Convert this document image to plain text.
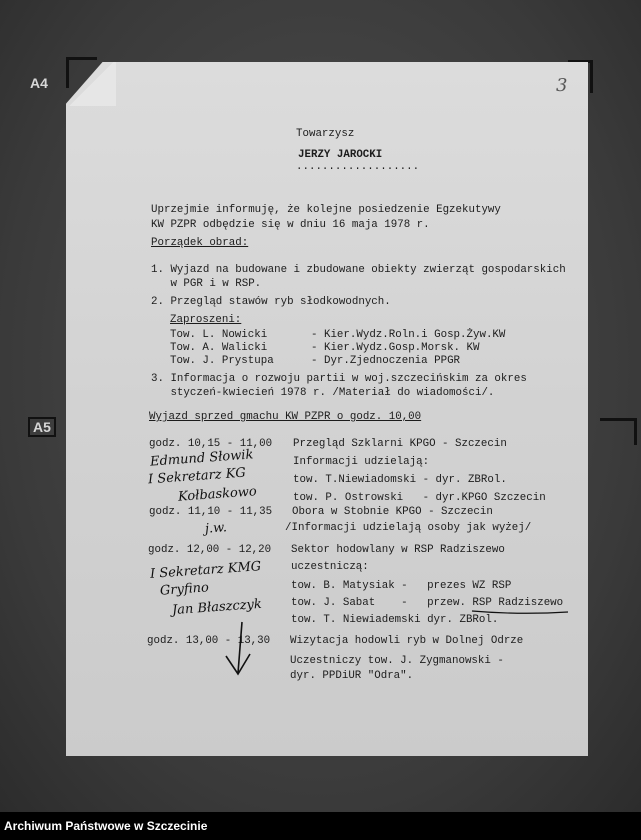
A4
A5
3
Towarzysz
JERZY JAROCKI
...................
Uprzejmie informuję, że kolejne posiedzenie Egzekutywy
KW PZPR odbędzie się w dniu 16 maja 1978 r.
Porządek obrad:
1. Wyjazd na budowane i zbudowane obiekty zwierząt gospodarskich
w PGR i w RSP.
2. Przegląd stawów ryb słodkowodnych.
Zaproszeni:
Tow. L. Nowicki	- Kier.Wydz.Roln.i Gosp.Żyw.KW
Tow. A. Walicki	- Kier.Wydz.Gosp.Morsk. KW
Tow. J. Prystupa	- Dyr.Zjednoczenia PPGR
3. Informacja o rozwoju partii w woj.szczecińskim za okres
styczeń-kwiecień 1978 r. /Materiał do wiadomości/.
Wyjazd sprzed gmachu KW PZPR o godz. 10,00
godz. 10,15 - 11,00 Przegląd Szklarni KPGO - Szczecin
Informacji udzielają:
tow. T.Niewiadomski - dyr. ZBRol.
tow. P. Ostrowski   - dyr.KPGO Szczecin
godz. 11,10 - 11,35 Obora w Stobnie KPGO - Szczecin
/Informacji udzielają osoby jak wyżej/
godz. 12,00 - 12,20 Sektor hodowlany w RSP Radziszewo
uczestniczą:
tow. B. Matysiak -   prezes WZ RSP
tow. J. Sabat    -   przew. RSP Radziszewo
tow. T. Niewiademski dyr. ZBRol.
godz. 13,00 - 13,30 Wizytacja hodowli ryb w Dolnej Odrze
Uczestniczy tow. J. Zygmanowski -
dyr. PPDiUR "Odra".
Edmund Słowik
I Sekretarz KG
Kołbaskowo
j.w.
I Sekretarz KMG
Gryfino
Jan Błaszczyk
Archiwum Państwowe w Szczecinie
